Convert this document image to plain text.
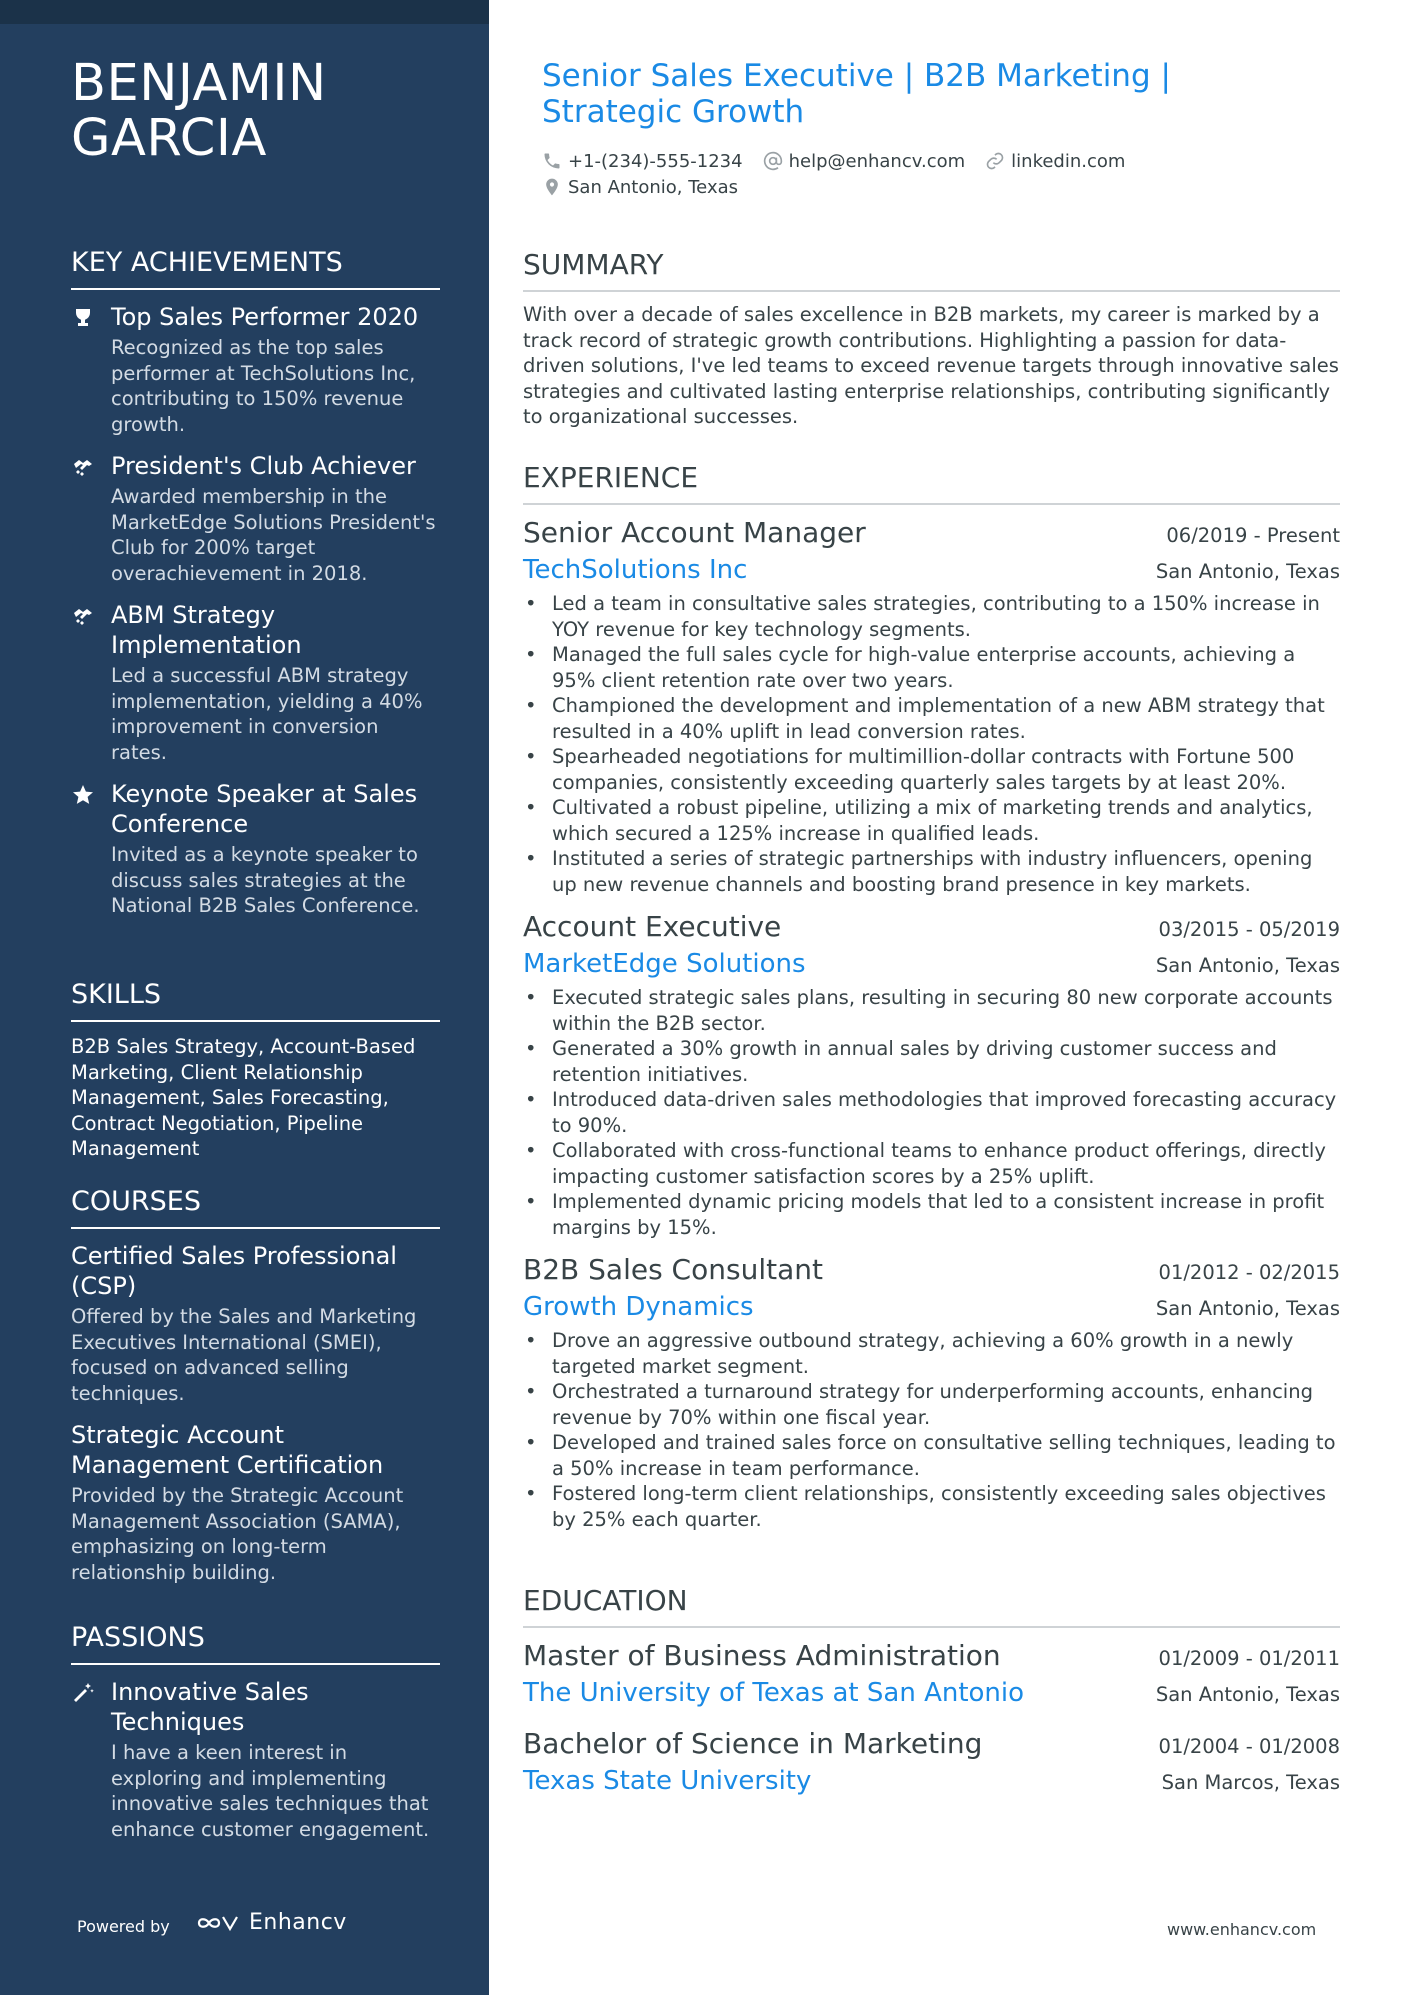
BENJAMIN GARCIA
KEY ACHIEVEMENTS
Top Sales Performer 2020
Recognized as the top sales performer at TechSolutions Inc, contributing to 150% revenue growth.
President's Club Achiever
Awarded membership in the MarketEdge Solutions President's Club for 200% target overachievement in 2018.
ABM Strategy Implementation
Led a successful ABM strategy implementation, yielding a 40% improvement in conversion rates.
Keynote Speaker at Sales Conference
Invited as a keynote speaker to discuss sales strategies at the National B2B Sales Conference.
SKILLS
B2B Sales Strategy, Account-Based Marketing, Client Relationship Management, Sales Forecasting, Contract Negotiation, Pipeline Management
COURSES
Certified Sales Professional (CSP)
Offered by the Sales and Marketing Executives International (SMEI), focused on advanced selling techniques.
Strategic Account Management Certification
Provided by the Strategic Account Management Association (SAMA), emphasizing on long-term relationship building.
PASSIONS
Innovative Sales Techniques
I have a keen interest in exploring and implementing innovative sales techniques that enhance customer engagement.
Powered by	Enhancv
Senior Sales Executive | B2B Marketing | Strategic Growth
+1-(234)-555-1234	help@enhancv.com	linkedin.com
San Antonio, Texas
SUMMARY
With over a decade of sales excellence in B2B markets, my career is marked by a track record of strategic growth contributions. Highlighting a passion for data-driven solutions, I've led teams to exceed revenue targets through innovative sales strategies and cultivated lasting enterprise relationships, contributing significantly to organizational successes.
EXPERIENCE
Senior Account Manager	06/2019 - Present
TechSolutions Inc	San Antonio, Texas
• Led a team in consultative sales strategies, contributing to a 150% increase in YOY revenue for key technology segments.
• Managed the full sales cycle for high-value enterprise accounts, achieving a 95% client retention rate over two years.
• Championed the development and implementation of a new ABM strategy that resulted in a 40% uplift in lead conversion rates.
• Spearheaded negotiations for multimillion-dollar contracts with Fortune 500 companies, consistently exceeding quarterly sales targets by at least 20%.
• Cultivated a robust pipeline, utilizing a mix of marketing trends and analytics, which secured a 125% increase in qualified leads.
• Instituted a series of strategic partnerships with industry influencers, opening up new revenue channels and boosting brand presence in key markets.
Account Executive	03/2015 - 05/2019
MarketEdge Solutions	San Antonio, Texas
• Executed strategic sales plans, resulting in securing 80 new corporate accounts within the B2B sector.
• Generated a 30% growth in annual sales by driving customer success and retention initiatives.
• Introduced data-driven sales methodologies that improved forecasting accuracy to 90%.
• Collaborated with cross-functional teams to enhance product offerings, directly impacting customer satisfaction scores by a 25% uplift.
• Implemented dynamic pricing models that led to a consistent increase in profit margins by 15%.
B2B Sales Consultant	01/2012 - 02/2015
Growth Dynamics	San Antonio, Texas
• Drove an aggressive outbound strategy, achieving a 60% growth in a newly targeted market segment.
• Orchestrated a turnaround strategy for underperforming accounts, enhancing revenue by 70% within one fiscal year.
• Developed and trained sales force on consultative selling techniques, leading to a 50% increase in team performance.
• Fostered long-term client relationships, consistently exceeding sales objectives by 25% each quarter.
EDUCATION
Master of Business Administration	01/2009 - 01/2011
The University of Texas at San Antonio	San Antonio, Texas
Bachelor of Science in Marketing	01/2004 - 01/2008
Texas State University	San Marcos, Texas
www.enhancv.com
